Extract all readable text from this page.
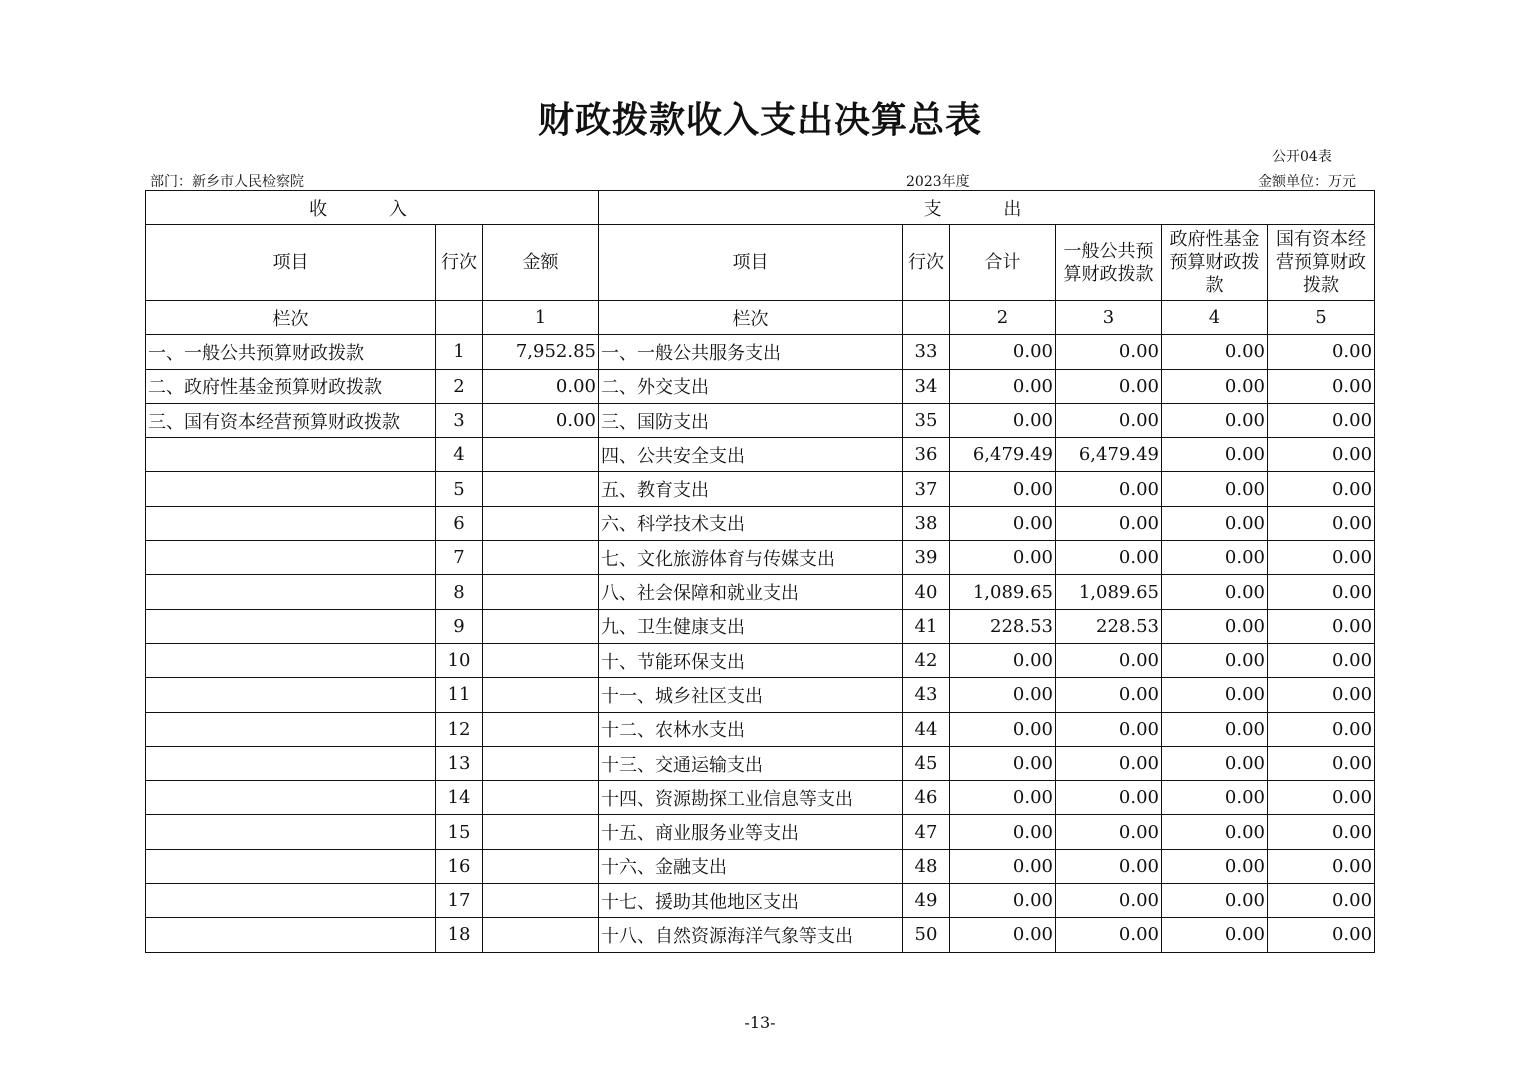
财政拨款收入支出决算总表
公开04表
部门：新乡市人民检察院	2023年度	金额单位：万元
收 入			支 出					
项目	行次	金额	项目	行次	合计	一般公共预算财政拨款	政府性基金预算财政拨款	国有资本经营预算财政拨款
栏次		1	栏次		2	3	4	5
一、一般公共预算财政拨款	1	7,952.85	一、一般公共服务支出	33	0.00	0.00	0.00	0.00
二、政府性基金预算财政拨款	2	0.00	二、外交支出	34	0.00	0.00	0.00	0.00
三、国有资本经营预算财政拨款	3	0.00	三、国防支出	35	0.00	0.00	0.00	0.00
	4		四、公共安全支出	36	6,479.49	6,479.49	0.00	0.00
	5		五、教育支出	37	0.00	0.00	0.00	0.00
	6		六、科学技术支出	38	0.00	0.00	0.00	0.00
	7		七、文化旅游体育与传媒支出	39	0.00	0.00	0.00	0.00
	8		八、社会保障和就业支出	40	1,089.65	1,089.65	0.00	0.00
	9		九、卫生健康支出	41	228.53	228.53	0.00	0.00
	10		十、节能环保支出	42	0.00	0.00	0.00	0.00
	11		十一、城乡社区支出	43	0.00	0.00	0.00	0.00
	12		十二、农林水支出	44	0.00	0.00	0.00	0.00
	13		十三、交通运输支出	45	0.00	0.00	0.00	0.00
	14		十四、资源勘探工业信息等支出	46	0.00	0.00	0.00	0.00
	15		十五、商业服务业等支出	47	0.00	0.00	0.00	0.00
	16		十六、金融支出	48	0.00	0.00	0.00	0.00
	17		十七、援助其他地区支出	49	0.00	0.00	0.00	0.00
	18		十八、自然资源海洋气象等支出	50	0.00	0.00	0.00	0.00
-13-
